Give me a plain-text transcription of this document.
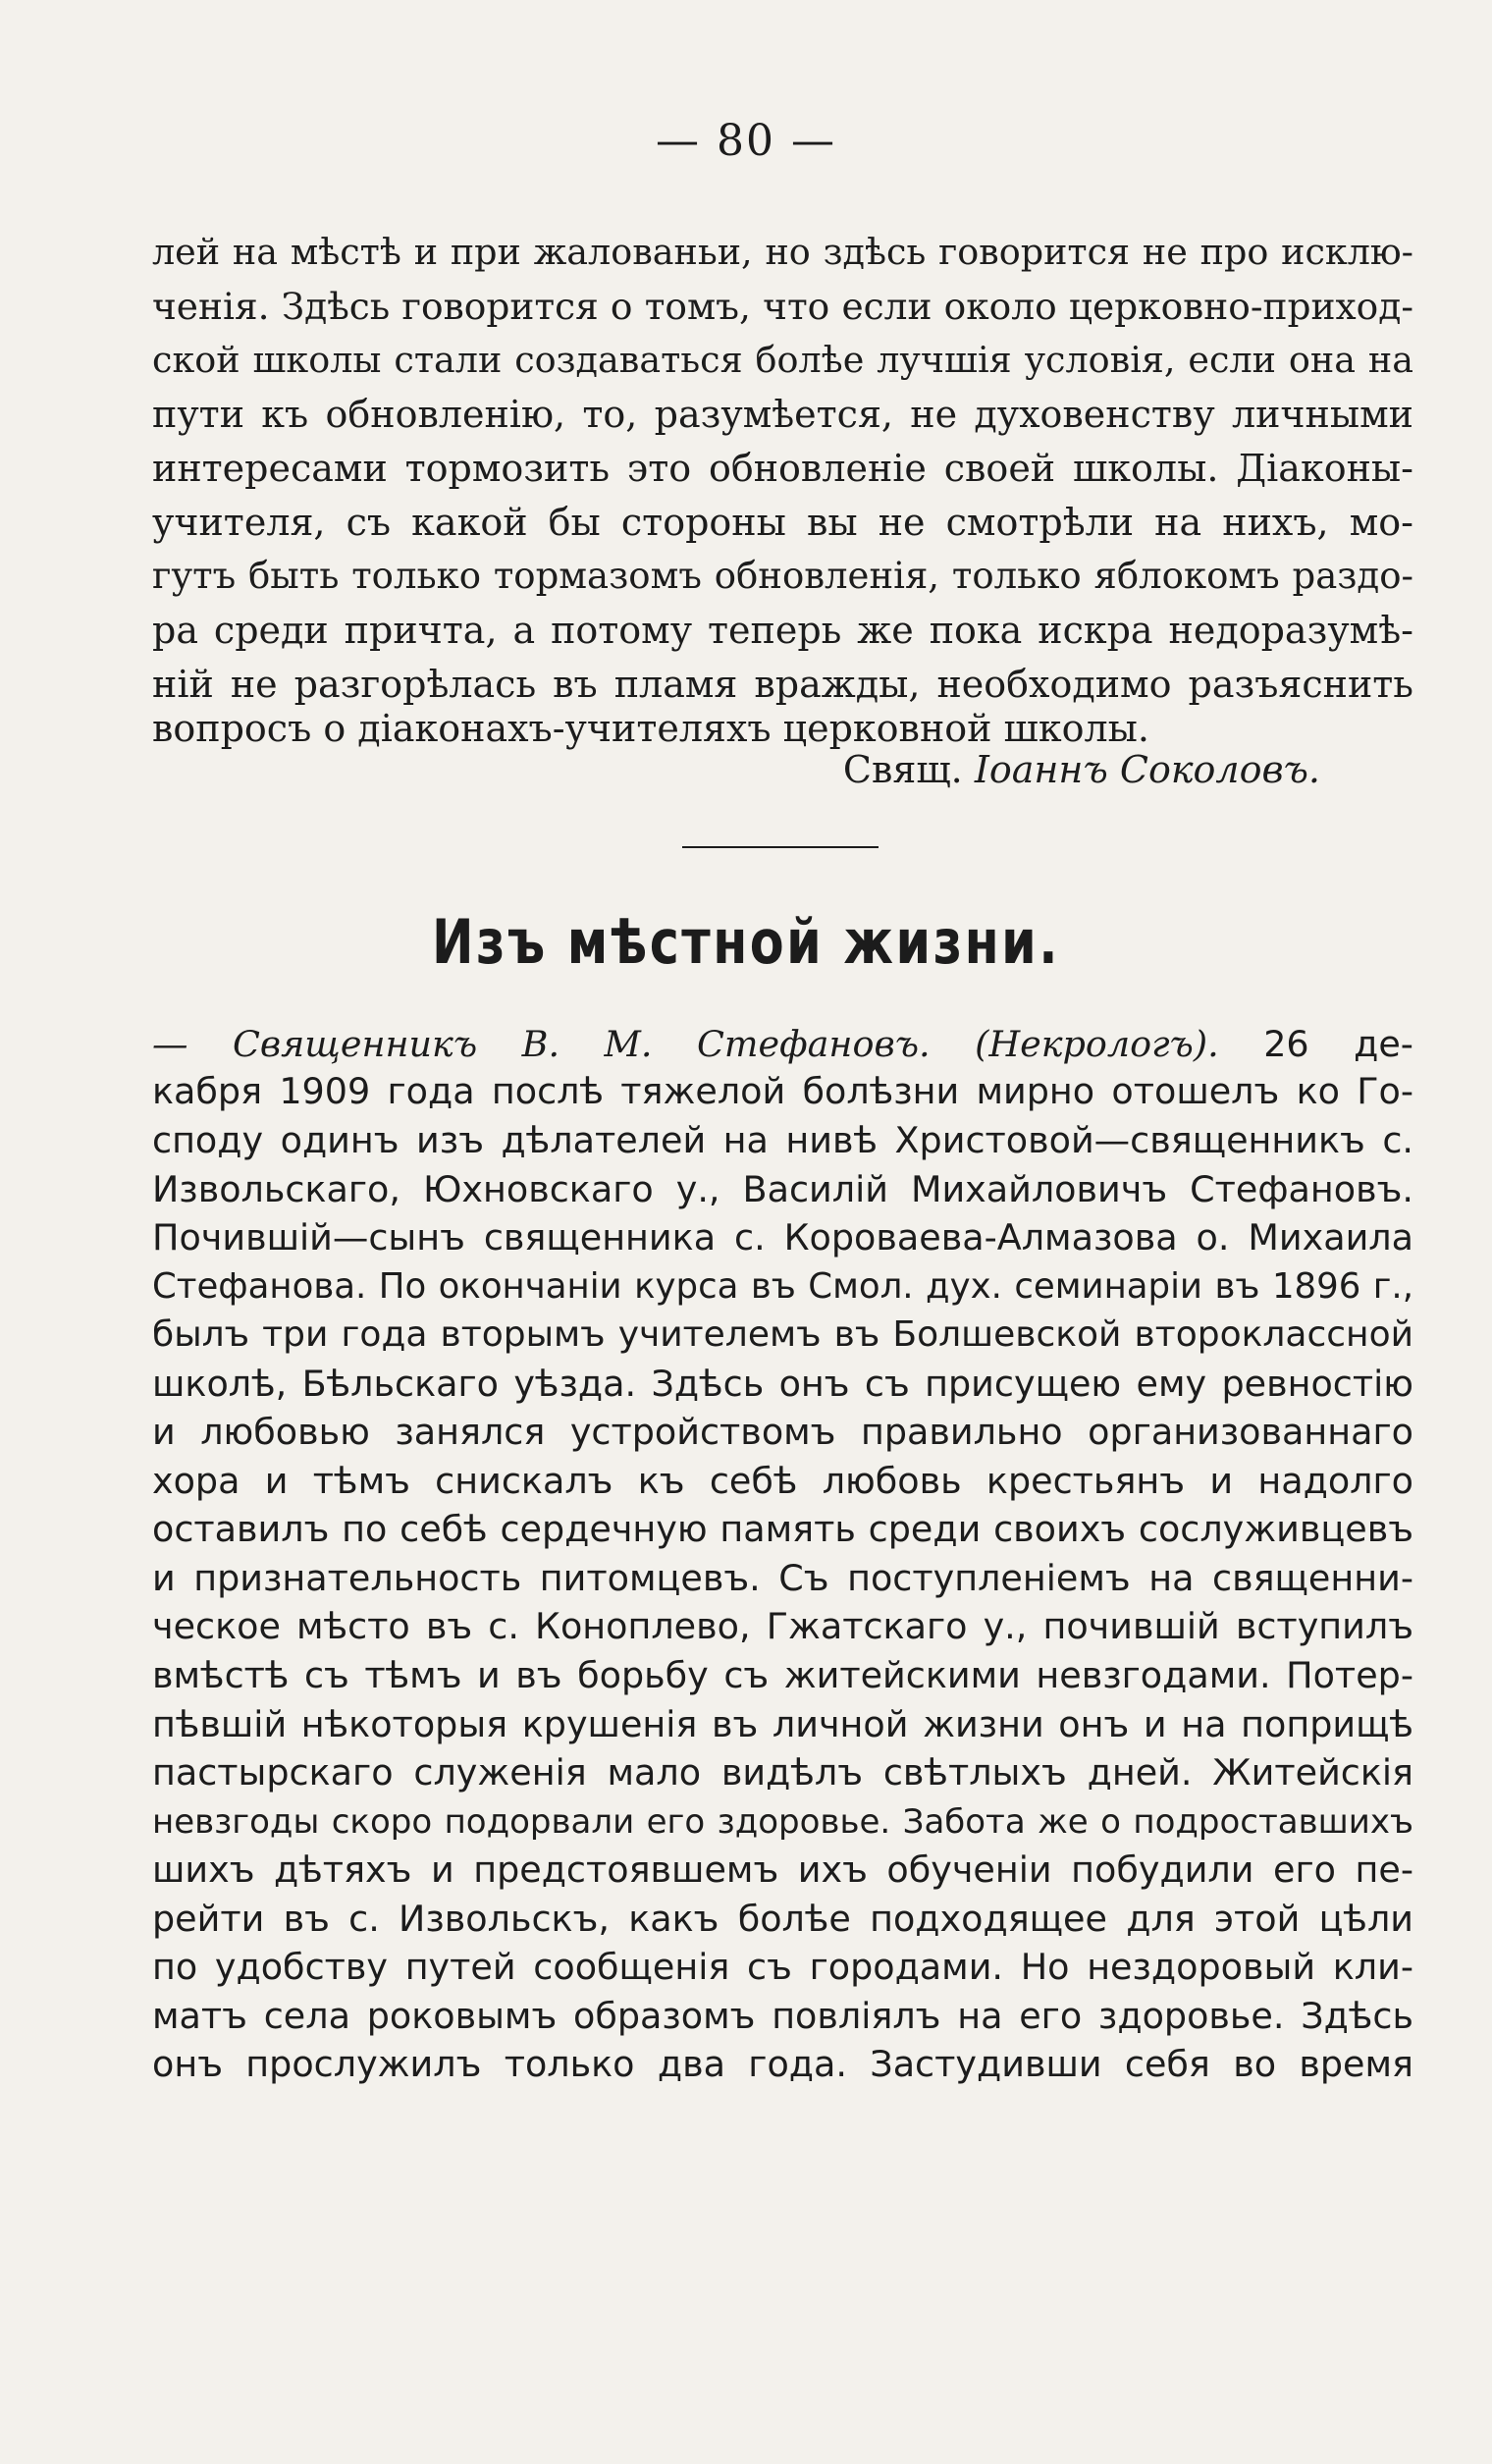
— 80 —
лей на мѣстѣ и при жалованьи, но здѣсь говорится не про исклю-
ченія. Здѣсь говорится о томъ, что если около церковно-приход-
ской школы стали создаваться болѣе лучшія условія, если она на
пути къ обновленію, то, разумѣется, не духовенству личными
интересами тормозить это обновленіе своей школы. Діаконы-
учителя, съ какой бы стороны вы не смотрѣли на нихъ, мо-
гутъ быть только тормазомъ обновленія, только яблокомъ раздо-
ра среди причта, а потому теперь же пока искра недоразумѣ-
ній не разгорѣлась въ пламя вражды, необходимо разъяснить
вопросъ о діаконахъ-учителяхъ церковной школы.
Свящ. Іоаннъ Соколовъ.
Изъ мѣстной жизни.
— Священникъ В. М. Стефановъ. (Некрологъ). 26 де-
кабря 1909 года послѣ тяжелой болѣзни мирно отошелъ ко Го-
споду одинъ изъ дѣлателей на нивѣ Христовой—священникъ с.
Извольскаго, Юхновскаго у., Василій Михайловичъ Стефановъ.
Почившій—сынъ священника с. Короваева-Алмазова о. Михаила
Стефанова. По окончаніи курса въ Смол. дух. семинаріи въ 1896 г.,
былъ три года вторымъ учителемъ въ Болшевской второклассной
школѣ, Бѣльскаго уѣзда. Здѣсь онъ съ присущею ему ревностію
и любовью занялся устройствомъ правильно организованнаго
хора и тѣмъ снискалъ къ себѣ любовь крестьянъ и надолго
оставилъ по себѣ сердечную память среди своихъ сослуживцевъ
и признательность питомцевъ. Съ поступленіемъ на священни-
ческое мѣсто въ с. Коноплево, Гжатскаго у., почившій вступилъ
вмѣстѣ съ тѣмъ и въ борьбу съ житейскими невзгодами. Потер-
пѣвшій нѣкоторыя крушенія въ личной жизни онъ и на поприщѣ
пастырскаго служенія мало видѣлъ свѣтлыхъ дней. Житейскія
невзгоды скоро подорвали его здоровье. Забота же о подроставшихъ
шихъ дѣтяхъ и предстоявшемъ ихъ обученіи побудили его пе-
рейти въ с. Извольскъ, какъ болѣе подходящее для этой цѣли
по удобству путей сообщенія съ городами. Но нездоровый кли-
матъ села роковымъ образомъ повліялъ на его здоровье. Здѣсь
онъ прослужилъ только два года. Застудивши себя во время
